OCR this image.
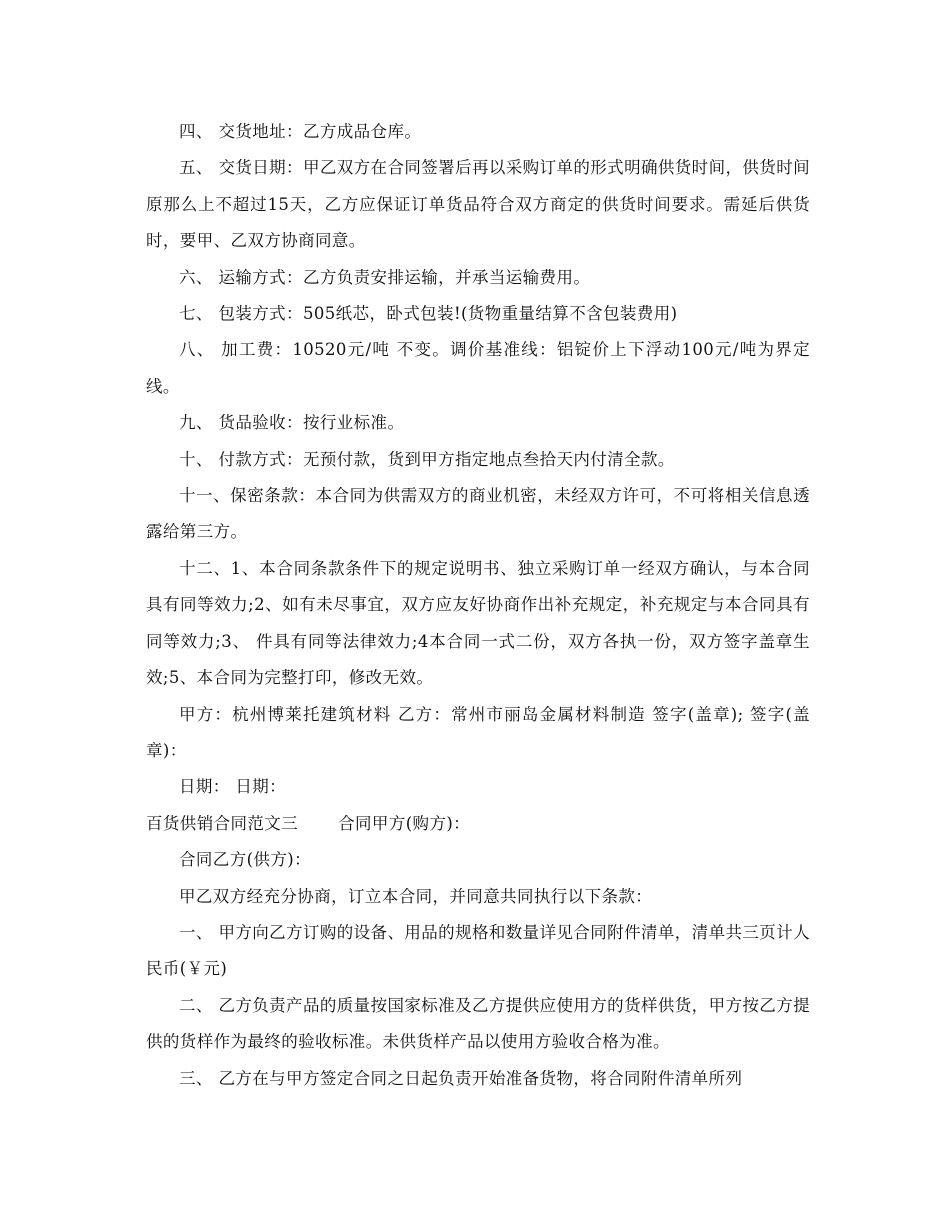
四、 交货地址：乙方成品仓库。

五、 交货日期：甲乙双方在合同签署后再以采购订单的形式明确供货时间，供货时间原那么上不超过15天，乙方应保证订单货品符合双方商定的供货时间要求。需延后供货时，要甲、乙双方协商同意。

六、 运输方式：乙方负责安排运输，并承当运输费用。

七、 包装方式：505纸芯，卧式包装!(货物重量结算不含包装费用)

八、 加工费：10520元/吨 不变。调价基准线：铝锭价上下浮动100元/吨为界定线。

九、 货品验收：按行业标准。

十、 付款方式：无预付款，货到甲方指定地点叁拾天内付清全款。

十一、保密条款：本合同为供需双方的商业机密，未经双方许可，不可将相关信息透露给第三方。

十二、1、本合同条款条件下的规定说明书、独立采购订单一经双方确认，与本合同具有同等效力;2、如有未尽事宜，双方应友好协商作出补充规定，补充规定与本合同具有同等效力;3、 件具有同等法律效力;4本合同一式二份，双方各执一份，双方签字盖章生效;5、本合同为完整打印，修改无效。

甲方：杭州博莱托建筑材料 乙方：常州市丽岛金属材料制造 签字(盖章); 签字(盖章)：

日期： 日期：

百货供销合同范文三 合同甲方(购方)：

合同乙方(供方)：

甲乙双方经充分协商，订立本合同，并同意共同执行以下条款：

一、 甲方向乙方订购的设备、用品的规格和数量详见合同附件清单，清单共三页计人民币(￥元)

二、 乙方负责产品的质量按国家标准及乙方提供应使用方的货样供货，甲方按乙方提供的货样作为最终的验收标准。未供货样产品以使用方验收合格为准。

三、 乙方在与甲方签定合同之日起负责开始准备货物，将合同附件清单所列
